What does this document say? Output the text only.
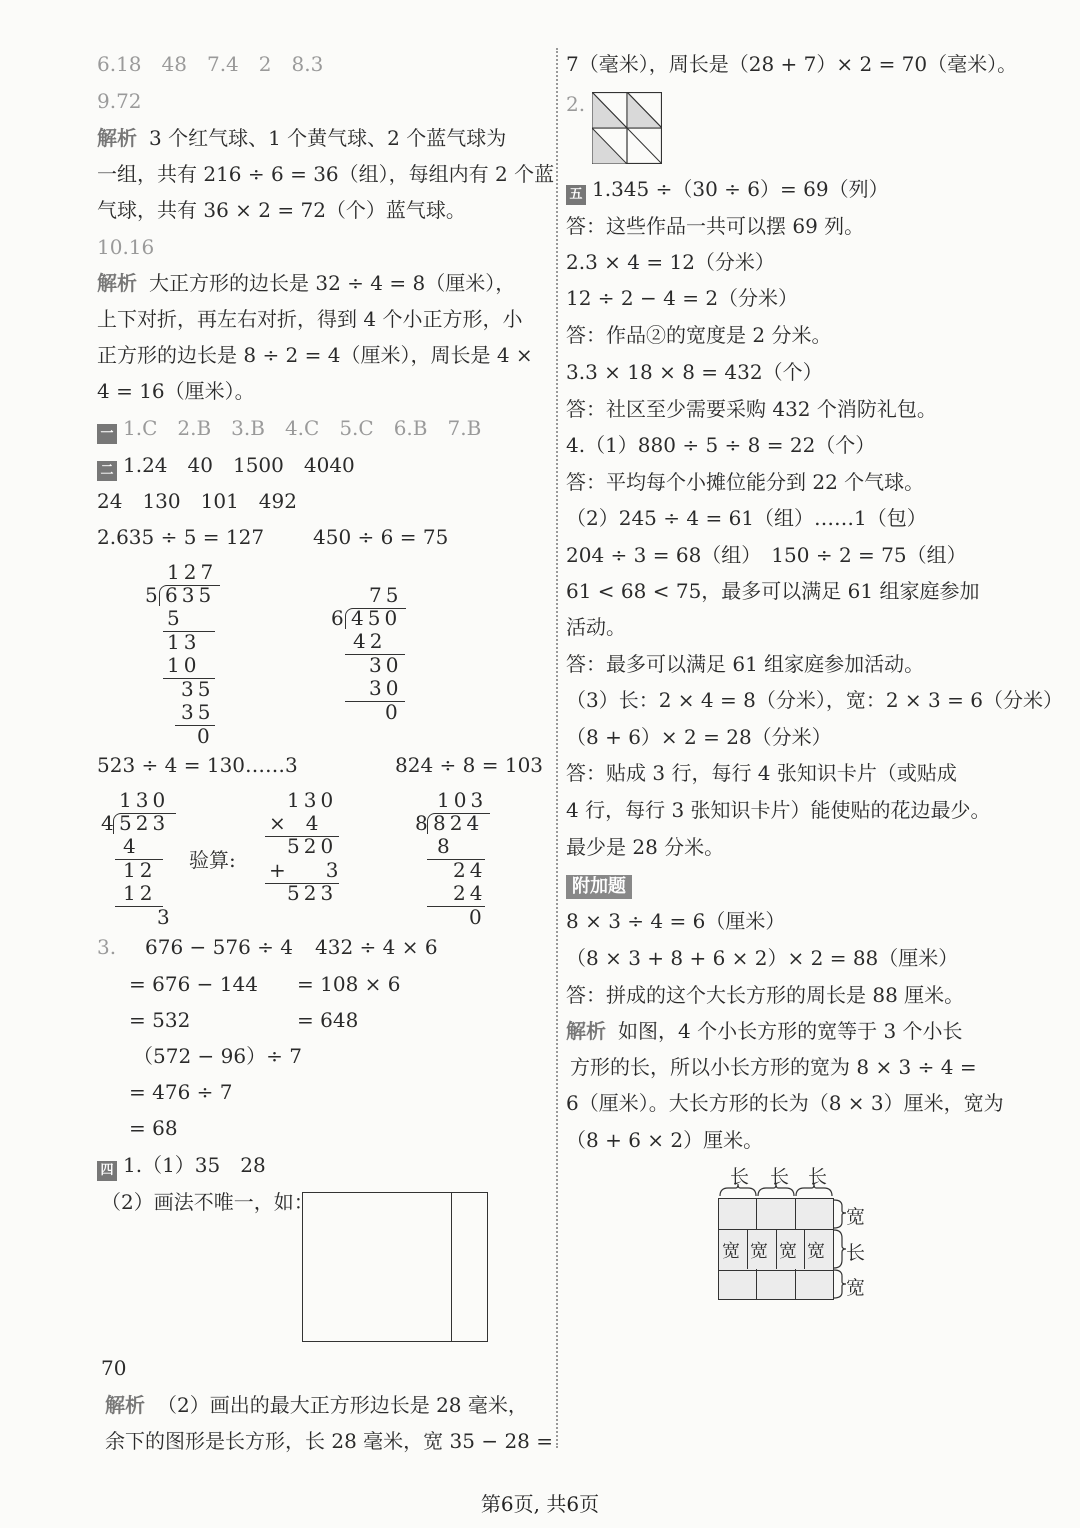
6.18　48　7.4　2　8.3
9.72
解析 3 个红气球、1 个黄气球、2 个蓝气球为
一组，共有 216 ÷ 6 = 36（组），每组内有 2 个蓝
气球，共有 36 × 2 = 72（个）蓝气球。
10.16
解析 大正方形的边长是 32 ÷ 4 = 8（厘米），
上下对折，再左右对折，得到 4 个小正方形，小
正方形的边长是 8 ÷ 2 = 4（厘米），周长是 4 ×
4 = 16（厘米）。
一 1.C　2.B　3.B　4.C　5.C　6.B　7.B
二 1.24　40　1500　4040
24　130　101　492
2.635 ÷ 5 = 127 450 ÷ 6 = 75
127
5 635
5
13
10
35
35
0
75
6 450
42
30
30
0
523 ÷ 4 = 130……3	824 ÷ 8 = 103
130
4 523
4
12
12
3
验算:
130
×　4
520
+　　3
523
103
8 824
8
24
24
0
3. 676 − 576 ÷ 4 432 ÷ 4 × 6
= 676 − 144 = 108 × 6
= 532	= 648
（572 − 96）÷ 7
= 476 ÷ 7
= 68
四 1.（1）35　28
（2）画法不唯一，如：
70
解析 （2）画出的最大正方形边长是 28 毫米，
余下的图形是长方形，长 28 毫米，宽 35 − 28 =
7（毫米），周长是（28 + 7）× 2 = 70（毫米）。
2.
五 1.345 ÷（30 ÷ 6）= 69（列）
答：这些作品一共可以摆 69 列。
2.3 × 4 = 12（分米）
12 ÷ 2 − 4 = 2（分米）
答：作品②的宽度是 2 分米。
3.3 × 18 × 8 = 432（个）
答：社区至少需要采购 432 个消防礼包。
4.（1）880 ÷ 5 ÷ 8 = 22（个）
答：平均每个小摊位能分到 22 个气球。
（2）245 ÷ 4 = 61（组）……1（包）
204 ÷ 3 = 68（组）　150 ÷ 2 = 75（组）
61 < 68 < 75，最多可以满足 61 组家庭参加
活动。
答：最多可以满足 61 组家庭参加活动。
（3）长：2 × 4 = 8（分米），宽：2 × 3 = 6（分米）
（8 + 6）× 2 = 28（分米）
答：贴成 3 行，每行 4 张知识卡片（或贴成
4 行，每行 3 张知识卡片）能使贴的花边最少。
最少是 28 分米。
附加题
8 × 3 ÷ 4 = 6（厘米）
（8 × 3 + 8 + 6 × 2）× 2 = 88（厘米）
答：拼成的这个大长方形的周长是 88 厘米。
解析 如图，4 个小长方形的宽等于 3 个小长
方形的长，所以小长方形的宽为 8 × 3 ÷ 4 =
6（厘米）。大长方形的长为（8 × 3）厘米，宽为
（8 + 6 × 2）厘米。
长 长 长
宽 宽 宽 宽
宽
长
宽
第6页, 共6页
